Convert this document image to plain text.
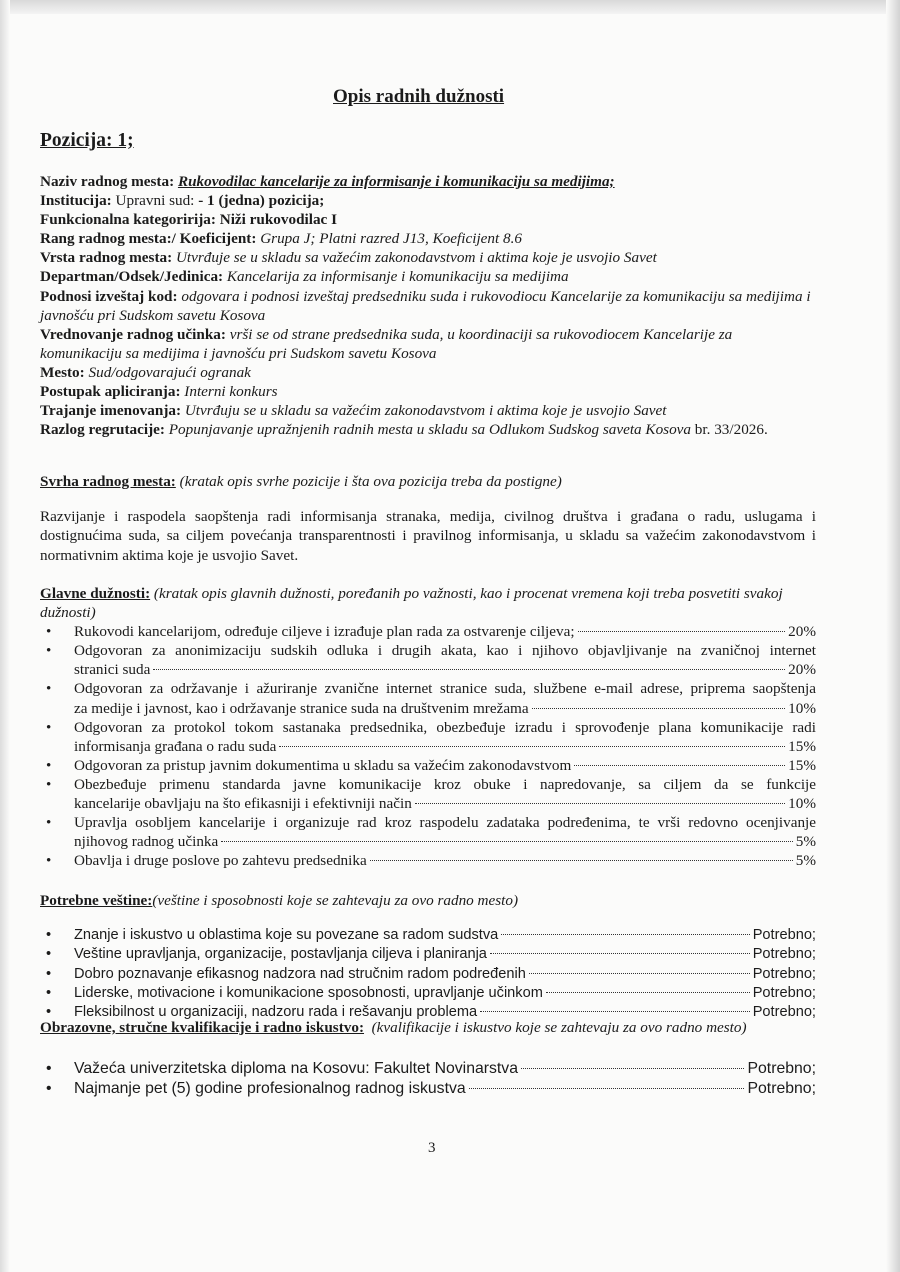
Opis radnih dužnosti
Pozicija: 1;

Naziv radnog mesta: Rukovodilac kancelarije za informisanje i komunikaciju sa medijima;

Institucija: Upravni sud: - 1 (jedna) pozicija;

Funkcionalna kategoririja: Niži rukovodilac I

Rang radnog mesta:/ Koeficijent: Grupa J; Platni razred J13, Koeficijent 8.6

Vrsta radnog mesta: Utvrđuje se u skladu sa važećim zakonodavstvom i aktima koje je usvojio Savet

Departman/Odsek/Jedinica: Kancelarija za informisanje i komunikaciju sa medijima

Podnosi izveštaj kod: odgovara i podnosi izveštaj predsedniku suda i rukovodiocu Kancelarije za komunikaciju sa medijima i javnošću pri Sudskom savetu Kosova

Vrednovanje radnog učinka: vrši se od strane predsednika suda, u koordinaciji sa rukovodiocem Kancelarije za komunikaciju sa medijima i javnošću pri Sudskom savetu Kosova

Mesto: Sud/odgovarajući ogranak

Postupak apliciranja: Interni konkurs

Trajanje imenovanja: Utvrđuju se u skladu sa važećim zakonodavstvom i aktima koje je usvojio Savet

Razlog regrutacije: Popunjavanje upražnjenih radnih mesta u skladu sa Odlukom Sudskog saveta Kosova br. 33/2026.

Svrha radnog mesta: (kratak opis svrhe pozicije i šta ova pozicija treba da postigne)

Razvijanje i raspodela saopštenja radi informisanja stranaka, medija, civilnog društva i građana o radu, uslugama i dostignućima suda, sa ciljem povećanja transparentnosti i pravilnog informisanja, u skladu sa važećim zakonodavstvom i normativnim aktima koje je usvojio Savet.

Glavne dužnosti: (kratak opis glavnih dužnosti, poređanih po važnosti, kao i procenat vremena koji treba posvetiti svakoj dužnosti)

• Rukovodi kancelarijom, određuje ciljeve i izrađuje plan rada za ostvarenje ciljeva;	20%
• Odgovoran za anonimizaciju sudskih odluka i drugih akata, kao i njihovo objavljivanje na zvaničnoj internet
stranici suda	20%
• Odgovoran za održavanje i ažuriranje zvanične internet stranice suda, službene e-mail adrese, priprema saopštenja
za medije i javnost, kao i održavanje stranice suda na društvenim mrežama	10%
• Odgovoran za protokol tokom sastanaka predsednika, obezbeđuje izradu i sprovođenje plana komunikacije radi
informisanja građana o radu suda	15%
• Odgovoran za pristup javnim dokumentima u skladu sa važećim zakonodavstvom	15%
• Obezbeđuje primenu standarda javne komunikacije kroz obuke i napredovanje, sa ciljem da se funkcije
kancelarije obavljaju na što efikasniji i efektivniji način	10%
• Upravlja osobljem kancelarije i organizuje rad kroz raspodelu zadataka podređenima, te vrši redovno ocenjivanje
njihovog radnog učinka	5%
• Obavlja i druge poslove po zahtevu predsednika	5%

Potrebne veštine:(veštine i sposobnosti koje se zahtevaju za ovo radno mesto)

• Znanje i iskustvo u oblastima koje su povezane sa radom sudstva	Potrebno;
• Veštine upravljanja, organizacije, postavljanja ciljeva i planiranja	Potrebno;
• Dobro poznavanje efikasnog nadzora nad stručnim radom podređenih	Potrebno;
• Liderske, motivacione i komunikacione sposobnosti, upravljanje učinkom	Potrebno;
• Fleksibilnost u organizaciji, nadzoru rada i rešavanju problema	Potrebno;

Obrazovne, stručne kvalifikacije i radno iskustvo: (kvalifikacije i iskustvo koje se zahtevaju za ovo radno mesto)

• Važeća univerzitetska diploma na Kosovu: Fakultet Novinarstva	Potrebno;
• Najmanje pet (5) godine profesionalnog radnog iskustva	Potrebno;
3
